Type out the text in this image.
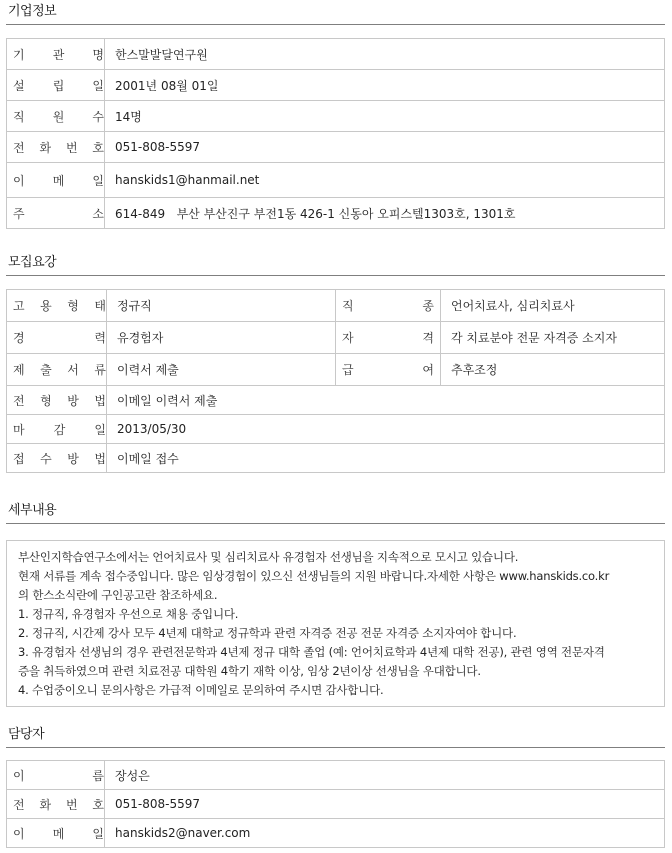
기업정보
기 관 명	한스말발달연구원

설 립 일	2001년 08월 01일

직 원 수	14명

전 화 번 호	051-808-5597

이 메 일	hanskids1@hanmail.net

주 소	614-849   부산 부산진구 부전1동 426-1 신동아 오피스텔1303호, 1301호
모집요강
고 용 형 태	정규직	직 종	언어치료사, 심리치료사

경 력	유경험자	자 격	각 치료분야 전문 자격증 소지자

제 출 서 류	이력서 제출	급 여	추후조정

전 형 방 법	이메일 이력서 제출		

마 감 일	2013/05/30		

접 수 방 법	이메일 접수		
세부내용

부산인지학습연구소에서는 언어치료사 및 심리치료사 유경험자 선생님을 지속적으로 모시고 있습니다.

현재 서류를 계속 접수중입니다. 많은 임상경험이 있으신 선생님들의 지원 바랍니다.자세한 사항은 www.hanskids.co.kr

의 한스소식란에 구인공고란 참조하세요.

1. 정규직, 유경험자 우선으로 채용 중입니다.

2. 정규직, 시간제 강사 모두 4년제 대학교 정규학과 관련 자격증 전공 전문 자격증 소지자여야 합니다.

3. 유경험자 선생님의 경우 관련전문학과 4년제 정규 대학 졸업 (예: 언어치료학과 4년제 대학 전공), 관련 영역 전문자격

증을 취득하였으며 관련 치료전공 대학원 4학기 재학 이상, 임상 2년이상 선생님을 우대합니다.

4. 수업중이오니 문의사항은 가급적 이메일로 문의하여 주시면 감사합니다.

담당자
이 름	장성은

전 화 번 호	051-808-5597

이 메 일	hanskids2@naver.com
